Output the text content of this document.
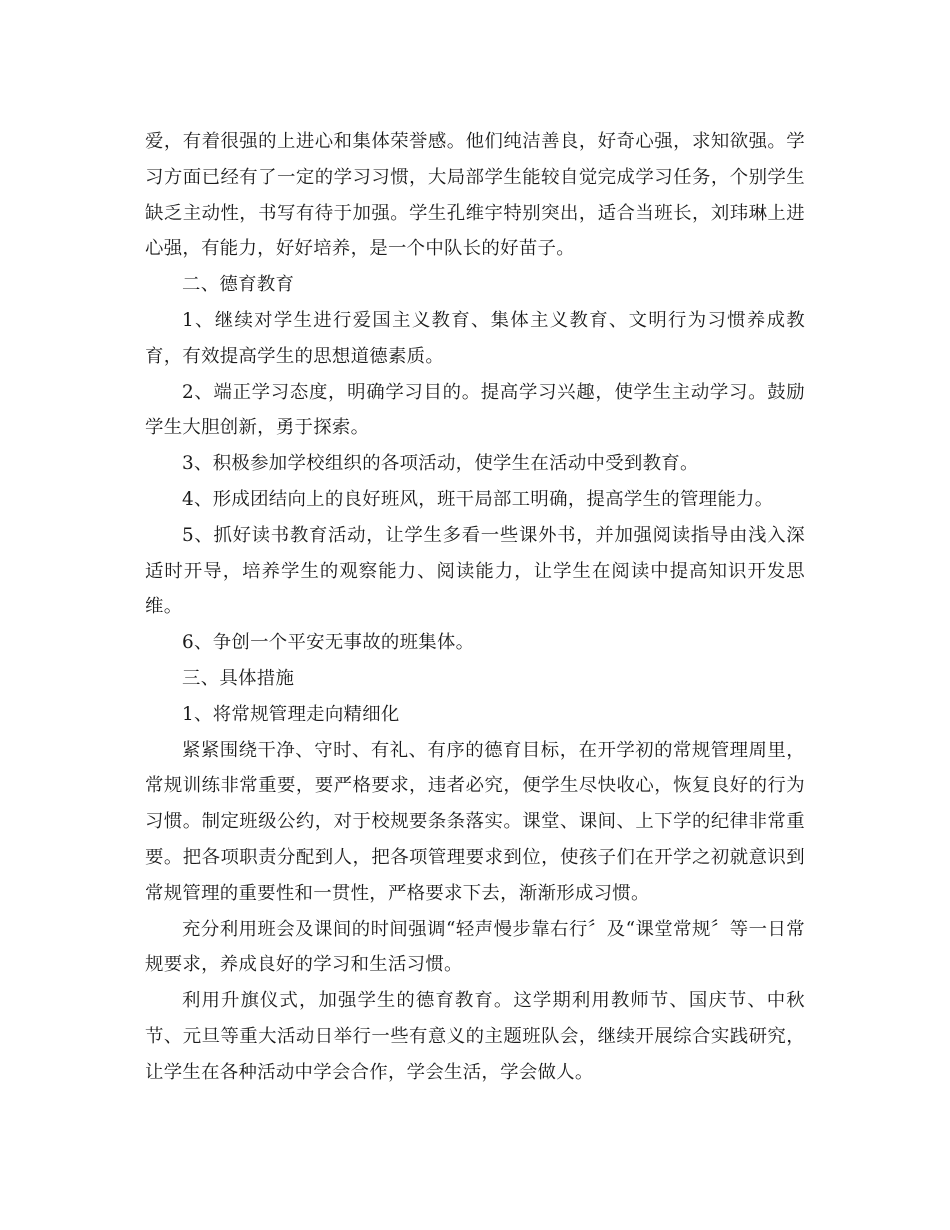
爱，有着很强的上进心和集体荣誉感。他们纯洁善良，好奇心强，求知欲强。学习方面已经有了一定的学习习惯，大局部学生能较自觉完成学习任务，个别学生缺乏主动性，书写有待于加强。学生孔维宇特别突出，适合当班长，刘玮琳上进心强，有能力，好好培养，是一个中队长的好苗子。

二、德育教育

1、继续对学生进行爱国主义教育、集体主义教育、文明行为习惯养成教育，有效提高学生的思想道德素质。

2、端正学习态度，明确学习目的。提高学习兴趣，使学生主动学习。鼓励学生大胆创新，勇于探索。

3、积极参加学校组织的各项活动，使学生在活动中受到教育。

4、形成团结向上的良好班风，班干局部工明确，提高学生的管理能力。

5、抓好读书教育活动，让学生多看一些课外书，并加强阅读指导由浅入深适时开导，培养学生的观察能力、阅读能力，让学生在阅读中提高知识开发思维。

6、争创一个平安无事故的班集体。

三、具体措施

1、将常规管理走向精细化

紧紧围绕干净、守时、有礼、有序的德育目标，在开学初的常规管理周里，常规训练非常重要，要严格要求，违者必究，便学生尽快收心，恢复良好的行为习惯。制定班级公约，对于校规要条条落实。课堂、课间、上下学的纪律非常重要。把各项职责分配到人，把各项管理要求到位，使孩子们在开学之初就意识到常规管理的重要性和一贯性，严格要求下去，渐渐形成习惯。

充分利用班会及课间的时间强调“轻声慢步靠右行〞及“课堂常规〞等一日常规要求，养成良好的学习和生活习惯。

利用升旗仪式，加强学生的德育教育。这学期利用教师节、国庆节、中秋节、元旦等重大活动日举行一些有意义的主题班队会，继续开展综合实践研究，让学生在各种活动中学会合作，学会生活，学会做人。
